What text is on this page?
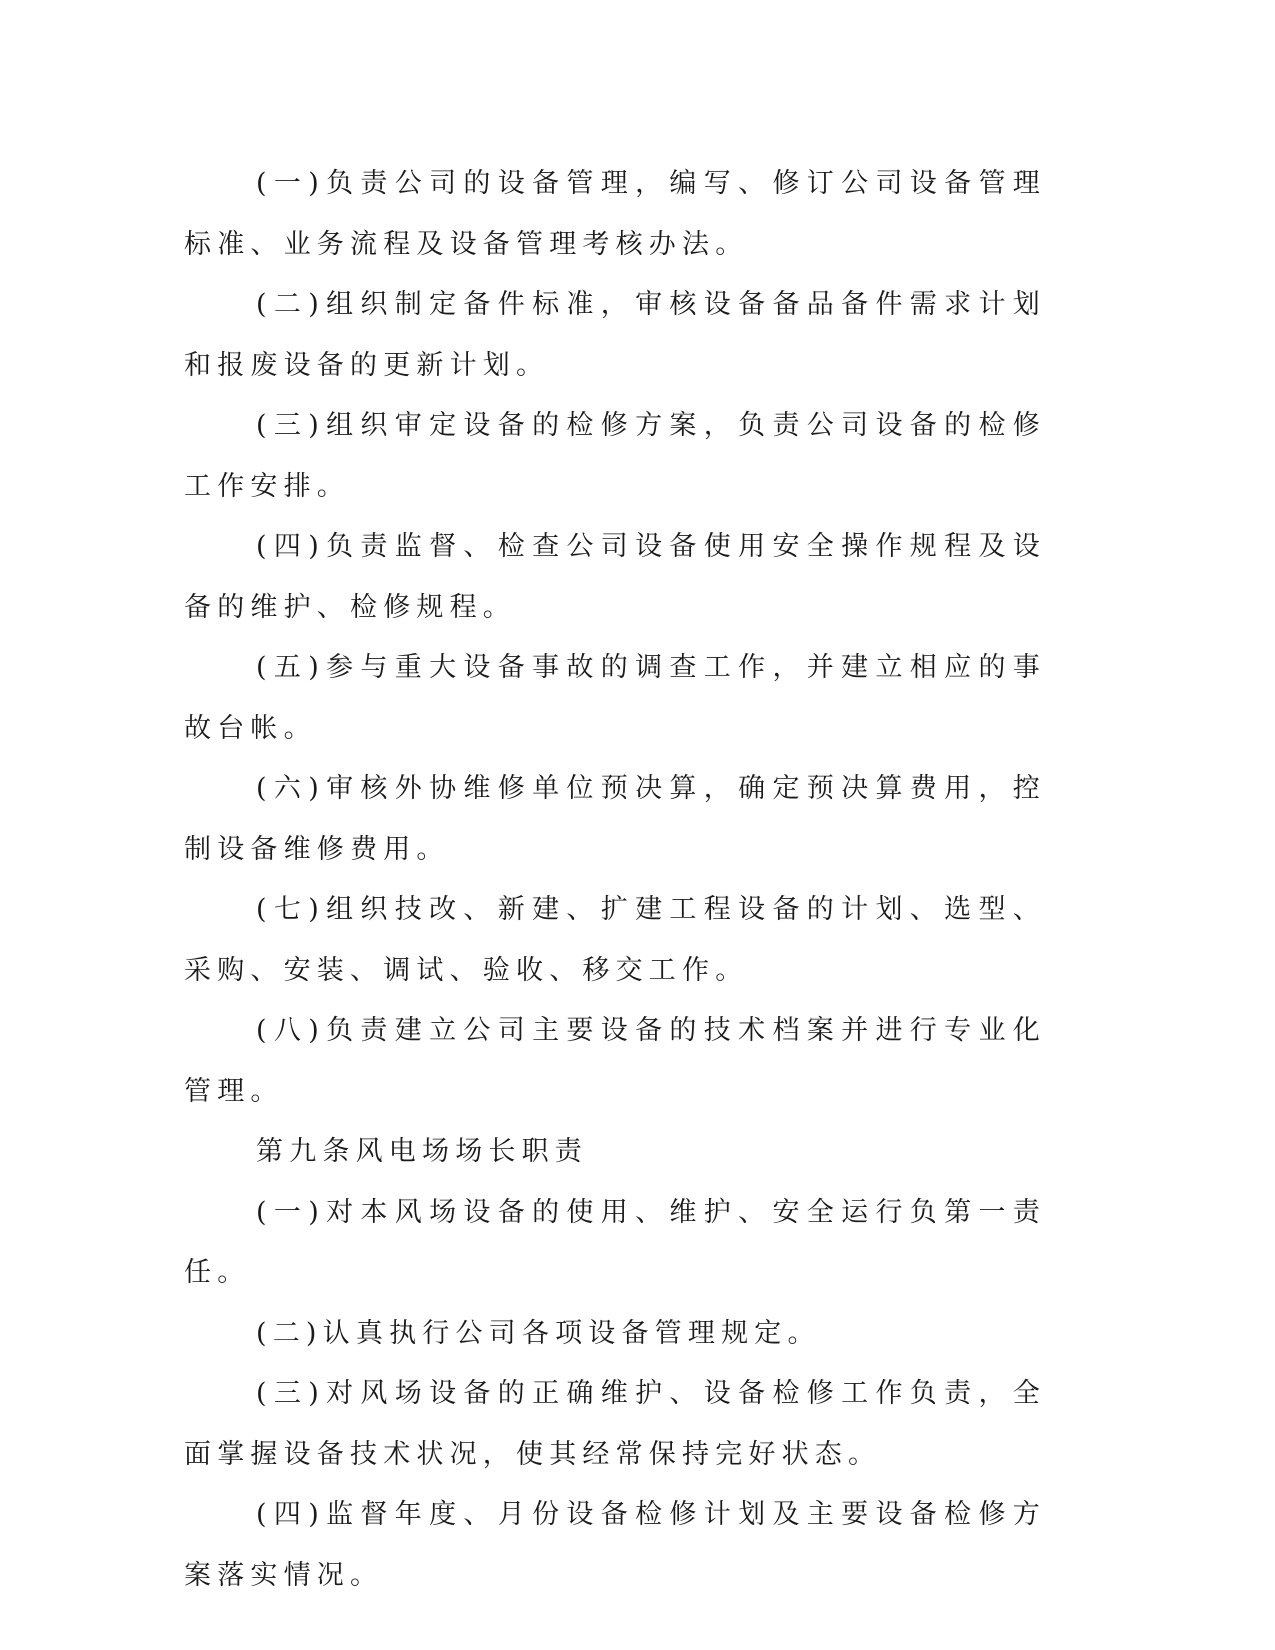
(一)负责公司的设备管理，编写、修订公司设备管理标准、业务流程及设备管理考核办法。

(二)组织制定备件标准，审核设备备品备件需求计划和报废设备的更新计划。

(三)组织审定设备的检修方案，负责公司设备的检修工作安排。

(四)负责监督、检查公司设备使用安全操作规程及设备的维护、检修规程。

(五)参与重大设备事故的调查工作，并建立相应的事故台帐。

(六)审核外协维修单位预决算，确定预决算费用，控制设备维修费用。

(七)组织技改、新建、扩建工程设备的计划、选型、采购、安装、调试、验收、移交工作。

(八)负责建立公司主要设备的技术档案并进行专业化管理。

第九条风电场场长职责

(一)对本风场设备的使用、维护、安全运行负第一责任。

(二)认真执行公司各项设备管理规定。

(三)对风场设备的正确维护、设备检修工作负责，全面掌握设备技术状况，使其经常保持完好状态。

(四)监督年度、月份设备检修计划及主要设备检修方案落实情况。
